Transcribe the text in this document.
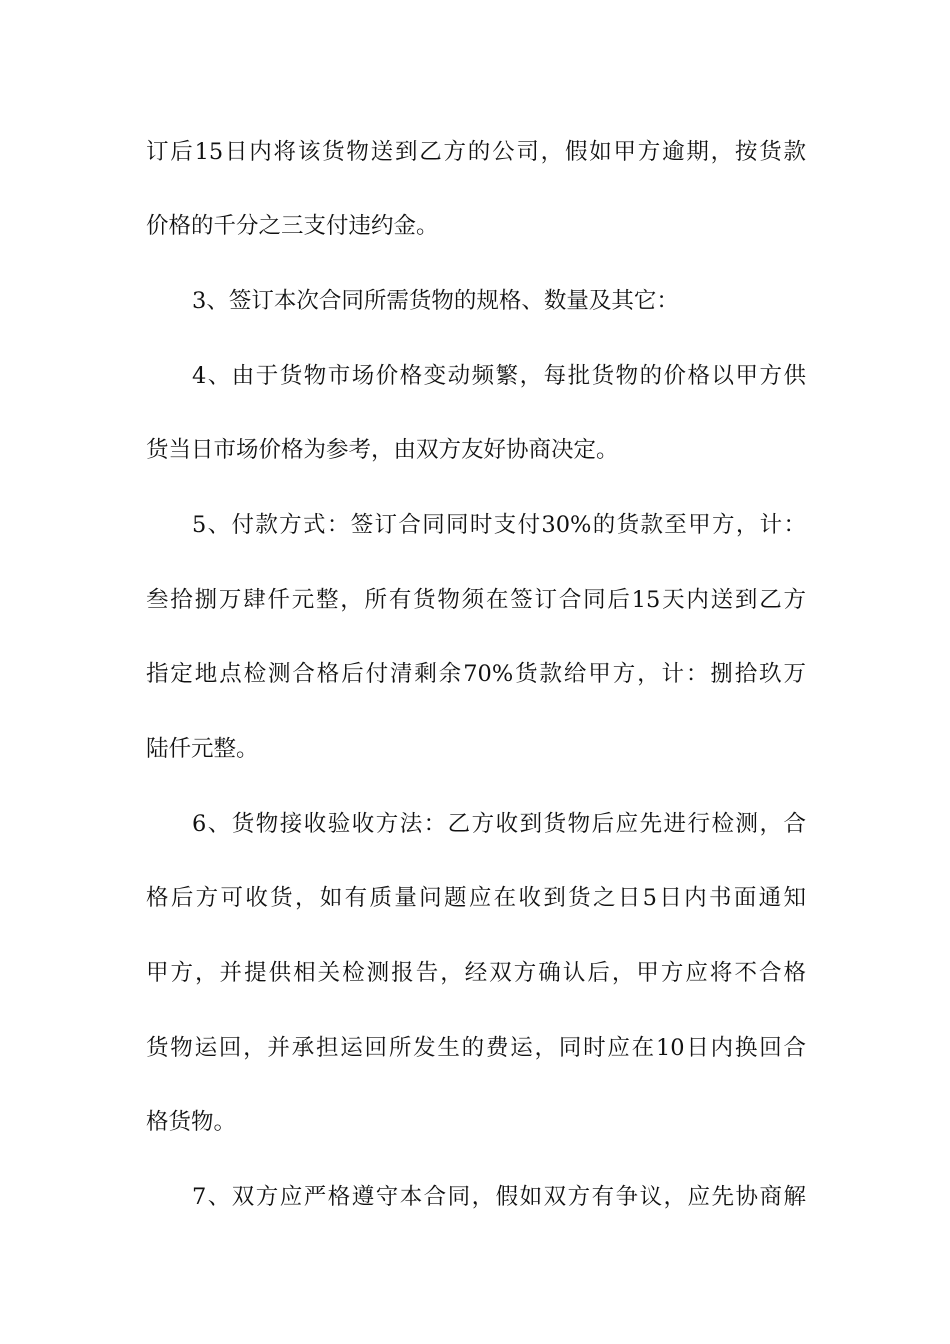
订后15日内将该货物送到乙方的公司，假如甲方逾期，按货款
价格的千分之三支付违约金。
3、签订本次合同所需货物的规格、数量及其它：
4、由于货物市场价格变动频繁，每批货物的价格以甲方供
货当日市场价格为参考，由双方友好协商决定。
5、付款方式：签订合同同时支付30%的货款至甲方，计：
叁拾捌万肆仟元整，所有货物须在签订合同后15天内送到乙方
指定地点检测合格后付清剩余70%货款给甲方，计：捌拾玖万
陆仟元整。
6、货物接收验收方法：乙方收到货物后应先进行检测，合
格后方可收货，如有质量问题应在收到货之日5日内书面通知
甲方，并提供相关检测报告，经双方确认后，甲方应将不合格
货物运回，并承担运回所发生的费运，同时应在10日内换回合
格货物。
7、双方应严格遵守本合同，假如双方有争议，应先协商解
